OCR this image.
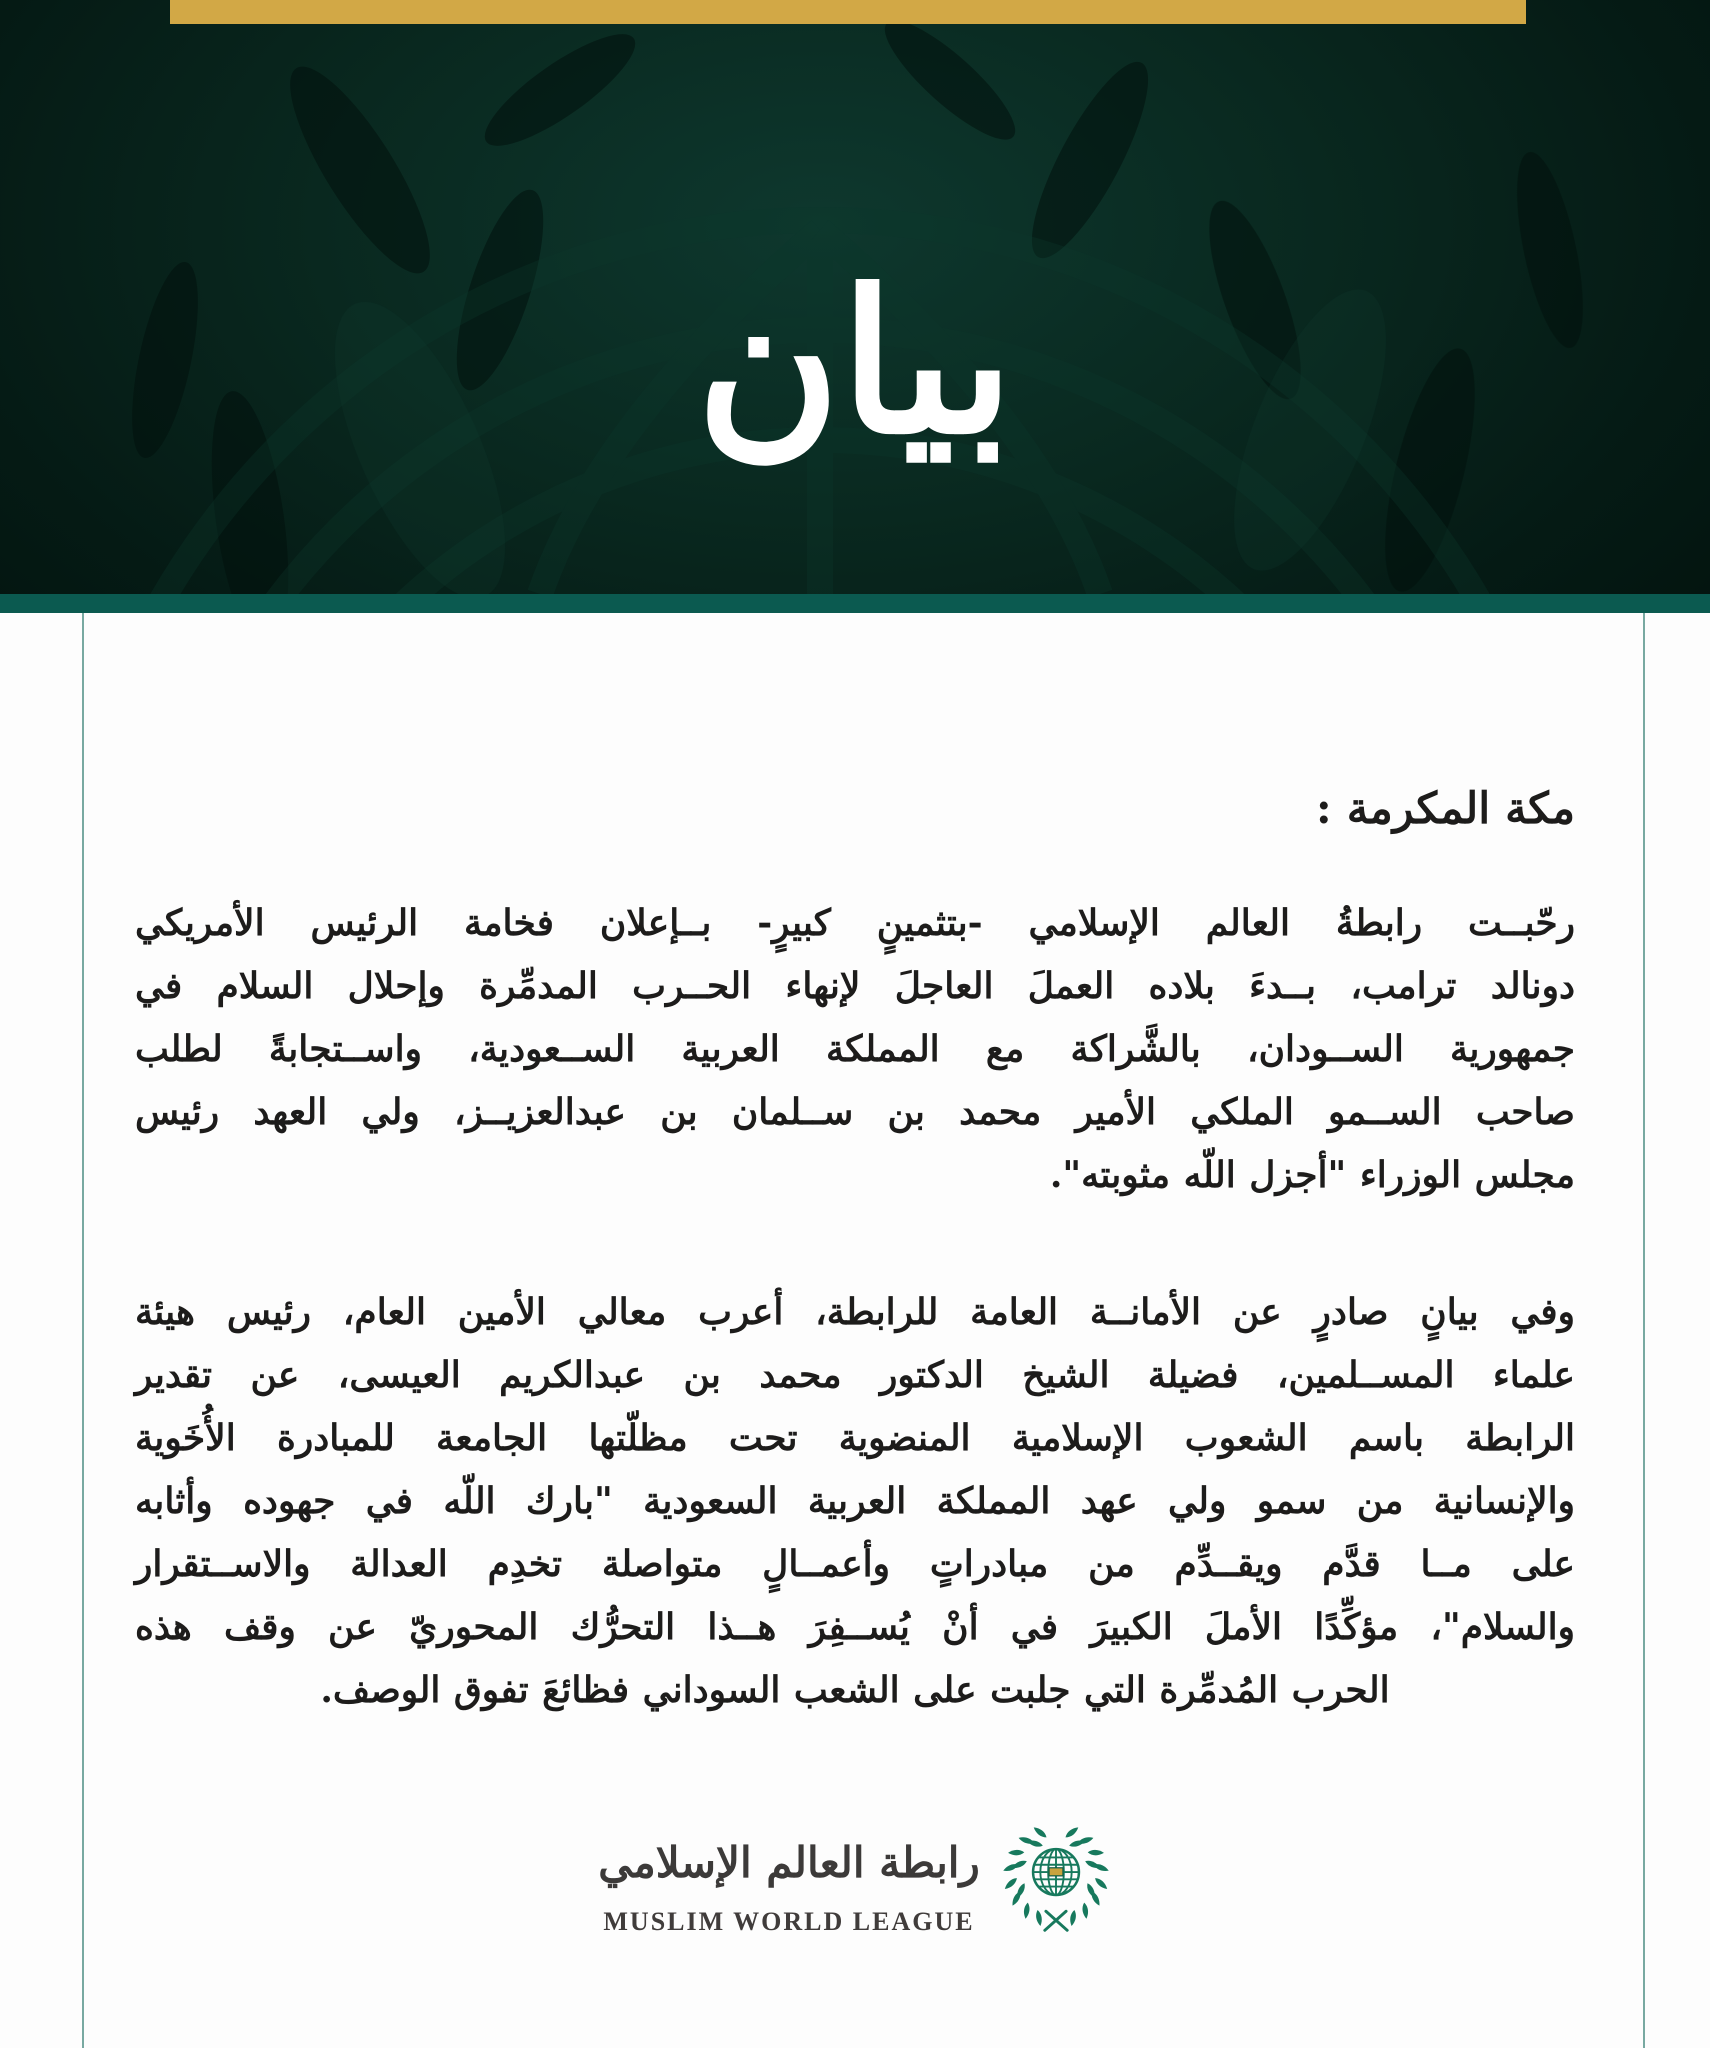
بيان
مكة المكرمة :
رحّبــت رابطةُ العالم الإسلامي -بتثمينٍ كبيرٍ- بــإعلان فخامة الرئيس الأمريكي
دونالد ترامب، بــدءَ بلاده العملَ العاجلَ لإنهاء الحــرب المدمِّرة وإحلال السلام في
جمهورية الســودان، بالشَّراكة مع المملكة العربية الســعودية، واســتجابةً لطلب
صاحب الســمو الملكي الأمير محمد بن ســلمان بن عبدالعزيــز، ولي العهد رئيس
مجلس الوزراء "أجزل اللّه مثوبته".
وفي بيانٍ صادرٍ عن الأمانــة العامة للرابطة، أعرب معالي الأمين العام، رئيس هيئة
علماء المســلمين، فضيلة الشيخ الدكتور محمد بن عبدالكريم العيسى، عن تقدير
الرابطة باسم الشعوب الإسلامية المنضوية تحت مظلّتها الجامعة للمبادرة الأُخَوية
والإنسانية من سمو ولي عهد المملكة العربية السعودية "بارك اللّه في جهوده وأثابه
على مــا قدَّم ويقــدِّم من مبادراتٍ وأعمــالٍ متواصلة تخدِم العدالة والاســتقرار
والسلام"، مؤكِّدًا الأملَ الكبيرَ في أنْ يُســفِرَ هــذا التحرُّك المحوريّ عن وقف هذه
الحرب المُدمِّرة التي جلبت على الشعب السوداني فظائعَ تفوق الوصف.
رابطة العالم الإسلامي
MUSLIM WORLD LEAGUE
